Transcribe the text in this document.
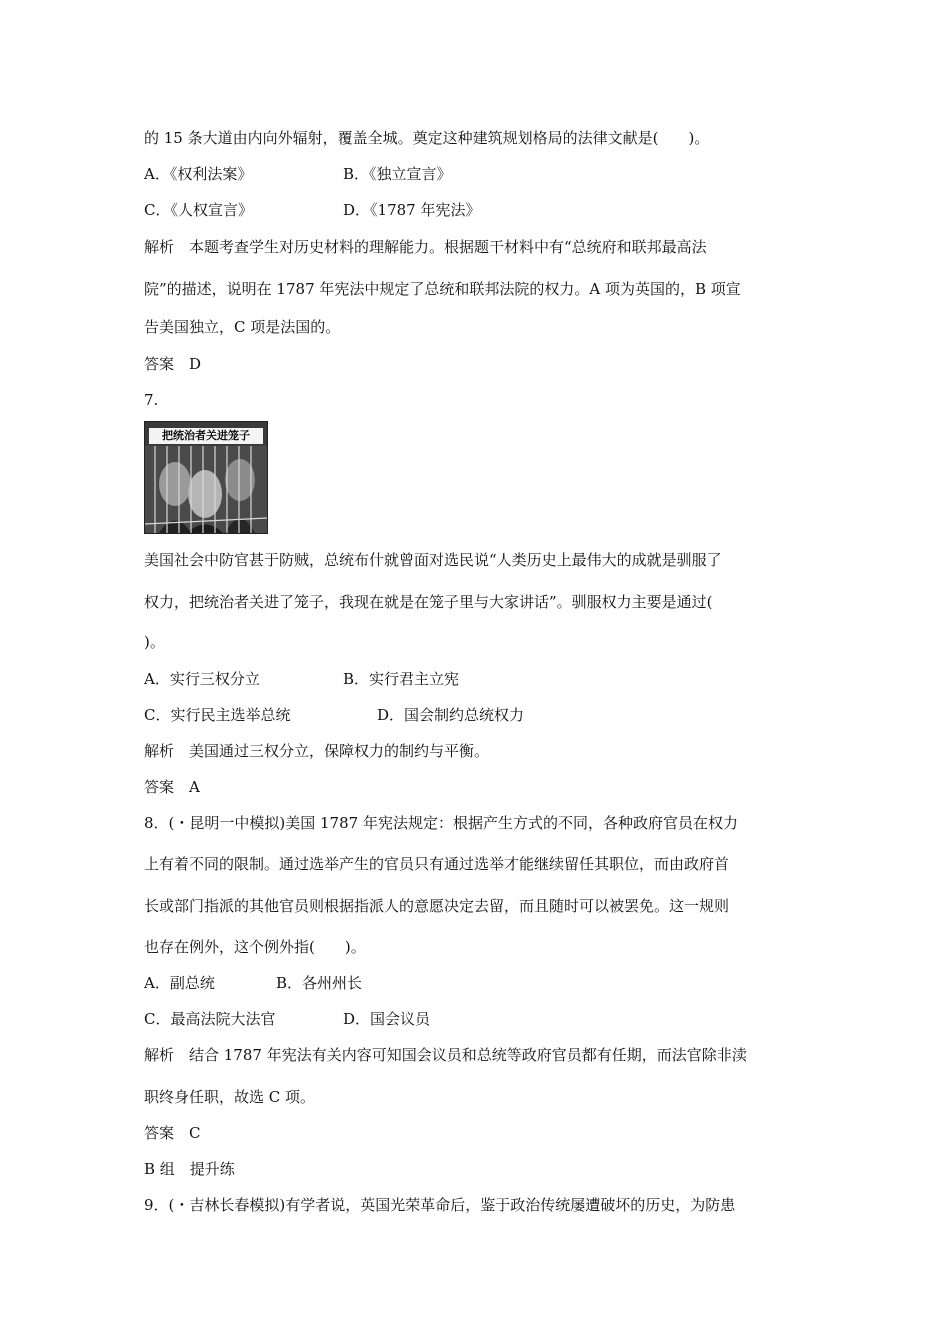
的 15 条大道由内向外辐射，覆盖全城。奠定这种建筑规划格局的法律文献是(　　)。
A．《权利法案》	B．《独立宣言》
C．《人权宣言》	D．《1787 年宪法》
解析　本题考查学生对历史材料的理解能力。根据题干材料中有“总统府和联邦最高法
院”的描述，说明在 1787 年宪法中规定了总统和联邦法院的权力。A 项为英国的，B 项宣
告美国独立，C 项是法国的。
答案　D
7.
把统治者关进笼子
美国社会中防官甚于防贼，总统布什就曾面对选民说“人类历史上最伟大的成就是驯服了
权力，把统治者关进了笼子，我现在就是在笼子里与大家讲话”。驯服权力主要是通过(
)。
A．实行三权分立	B．实行君主立宪
C．实行民主选举总统	D．国会制约总统权力
解析　美国通过三权分立，保障权力的制约与平衡。
答案　A
8．(・昆明一中模拟)美国 1787 年宪法规定：根据产生方式的不同，各种政府官员在权力
上有着不同的限制。通过选举产生的官员只有通过选举才能继续留任其职位，而由政府首
长或部门指派的其他官员则根据指派人的意愿决定去留，而且随时可以被罢免。这一规则
也存在例外，这个例外指(　　)。
A．副总统	B．各州州长
C．最高法院大法官	D．国会议员
解析　结合 1787 年宪法有关内容可知国会议员和总统等政府官员都有任期，而法官除非渎
职终身任职，故选 C 项。
答案　C
B 组　提升练
9．(・吉林长春模拟)有学者说，英国光荣革命后，鉴于政治传统屡遭破坏的历史，为防患
